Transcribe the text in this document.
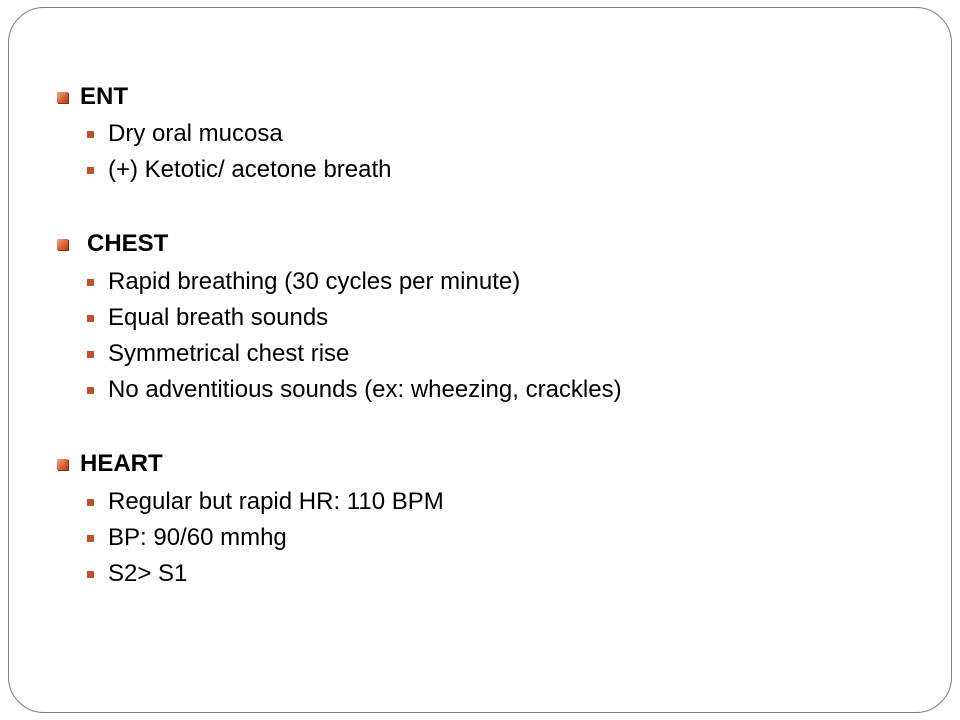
ENT
Dry oral mucosa
(+) Ketotic/ acetone breath
CHEST
Rapid breathing (30 cycles per minute)
Equal breath sounds
Symmetrical chest rise
No adventitious sounds (ex: wheezing, crackles)
HEART
Regular but rapid HR: 110 BPM
BP: 90/60 mmhg
S2> S1
